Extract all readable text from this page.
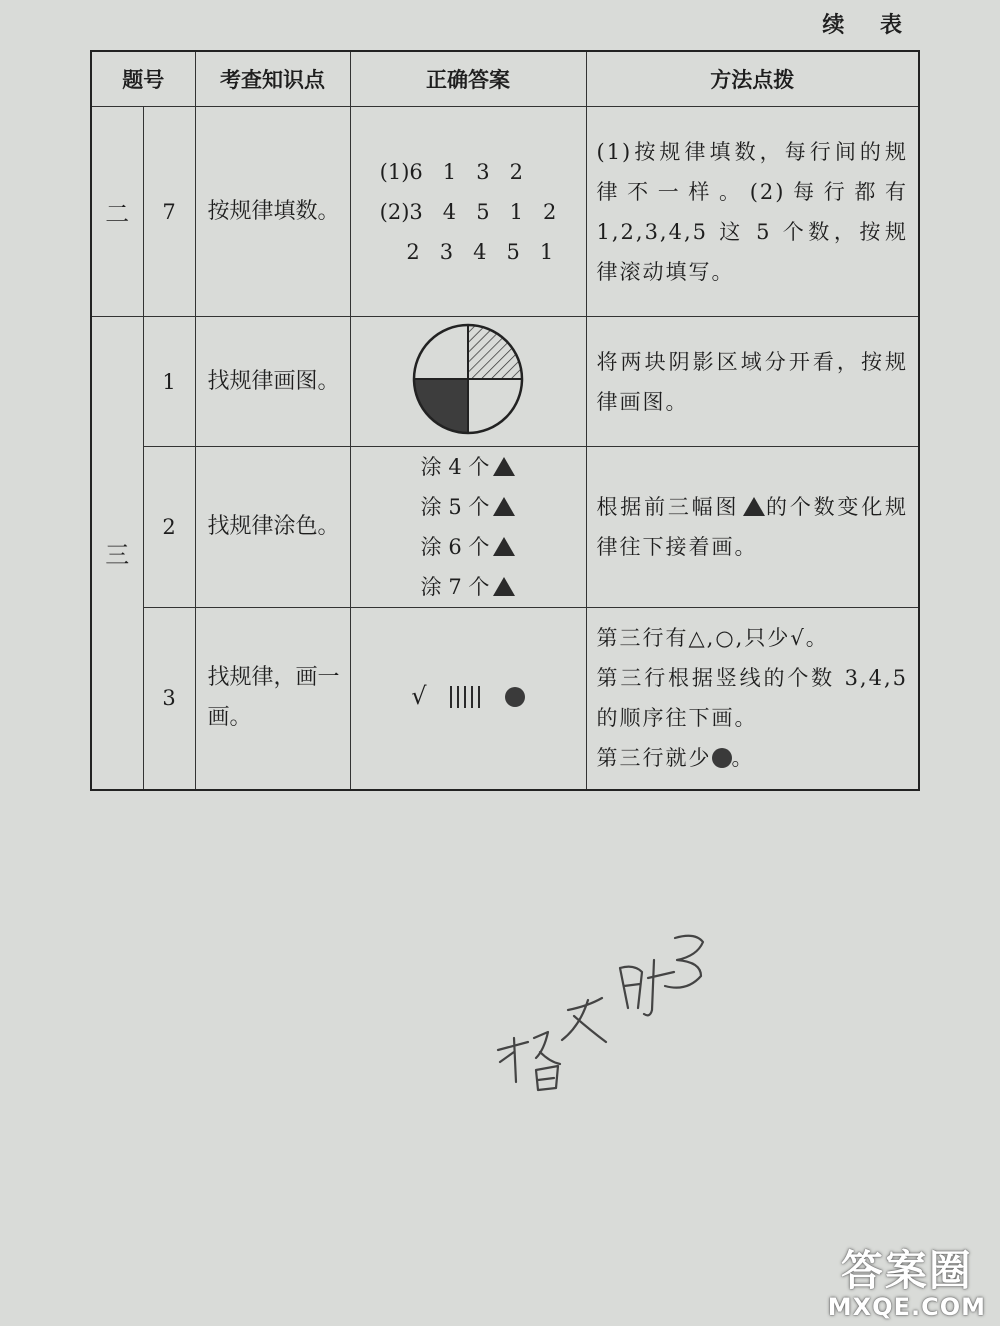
续 表
题号		考查知识点	正确答案	方法点拨
二	7	按规律填数。	(1)6   1   3   2
(2)3   4   5   1   2
2   3   4   5   1	(1)按规律填数，每行间的规律不一样。(2)每行都有 1,2,3,4,5 这 5 个数，按规律滚动填写。
三	1	找规律画图。		将两块阴影区域分开看，按规律画图。
	2	找规律涂色。	涂 4 个
涂 5 个
涂 6 个
涂 7 个	根据前三幅图 的个数变化规律往下接着画。
	3	找规律，画一画。	√	第三行有△,○,只少√。
第三行根据竖线的个数 3,4,5 的顺序往下画。
第三行就少 。
答案圈
MXQE.COM
